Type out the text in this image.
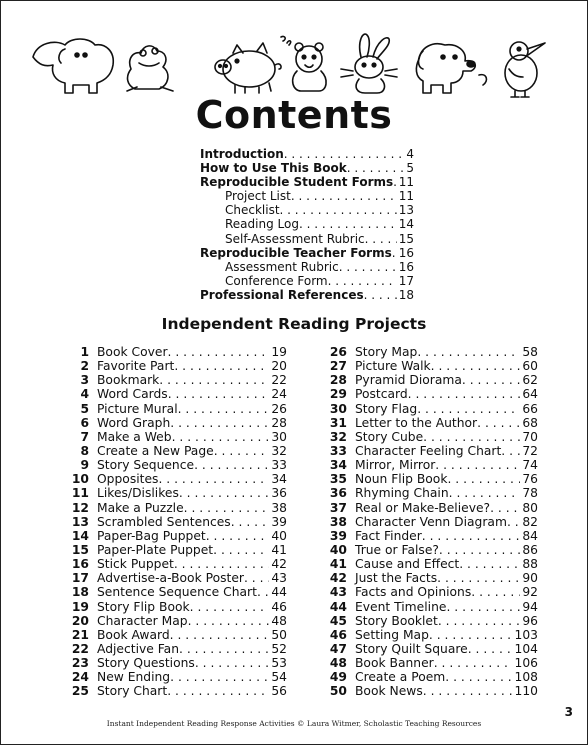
Contents
Introduction . . .	4
How to Use This Book . . .	5
Reproducible Student Forms . . . 11
Project List . . .	11
Checklist . . .	13
Reading Log . . .	14
Self-Assessment Rubric . . .	15
Reproducible Teacher Forms . . . 16
Assessment Rubric . . .	16
Conference Form . . .	17
Professional References . . .	18
Independent Reading Projects
1 Book Cover . . .	19
2 Favorite Part . . .	20
3 Bookmark . . .	22
4 Word Cards . . .	24
5 Picture Mural . . .	26
6 Word Graph . . .	28
7 Make a Web . . .	30
8 Create a New Page . . .	32
9 Story Sequence . . .	33
10 Opposites . . .	34
11 Likes/Dislikes . . .	36
12 Make a Puzzle . . .	38
13 Scrambled Sentences . . .	39
14 Paper-Bag Puppet . . .	40
15 Paper-Plate Puppet . . .	41
16 Stick Puppet . . .	42
17 Advertise-a-Book Poster . . . 43
18 Sentence Sequence Chart . . . 44
19 Story Flip Book . . .	46
20 Character Map . . .	48
21 Book Award . . .	50
22 Adjective Fan . . .	52
23 Story Questions . . .	53
24 New Ending . . .	54
25 Story Chart . . .	56
26 Story Map . . .	58
27 Picture Walk . . .	60
28 Pyramid Diorama . . .	62
29 Postcard . . .	64
30 Story Flag . . .	66
31 Letter to the Author . . .	68
32 Story Cube . . .	70
33 Character Feeling Chart . . . 72
34 Mirror, Mirror . . .	74
35 Noun Flip Book . . .	76
36 Rhyming Chain . . .	78
37 Real or Make-Believe? . . .	80
38 Character Venn Diagram . . . 82
39 Fact Finder . . .	84
40 True or False? . . .	86
41 Cause and Effect . . .	88
42 Just the Facts . . .	90
43 Facts and Opinions . . .	92
44 Event Timeline . . .	94
45 Story Booklet . . .	96
46 Setting Map . . .	103
47 Story Quilt Square . . .	104
48 Book Banner . . .	106
49 Create a Poem . . .	108
50 Book News . . .	110
3
Instant Independent Reading Response Activities © Laura Witmer, Scholastic Teaching Resources
